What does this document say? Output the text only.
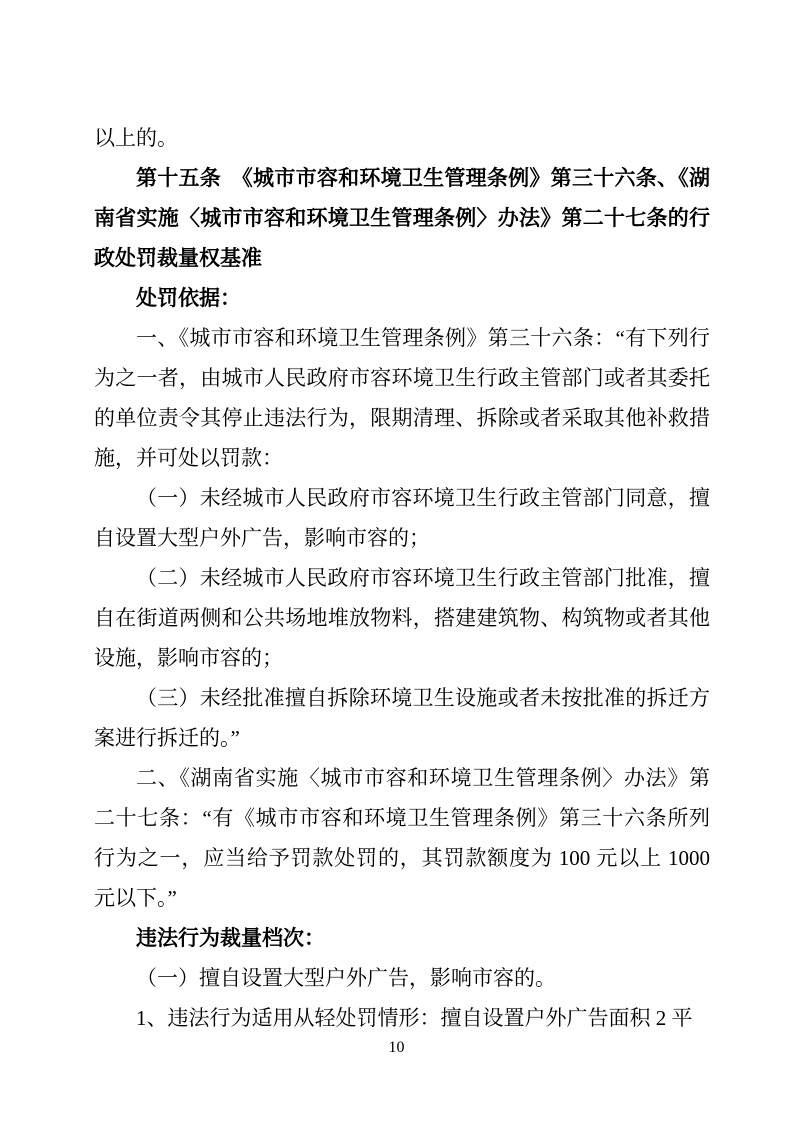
以上的。

第十五条　《城市市容和环境卫生管理条例》第三十六条、《湖南省实施〈城市市容和环境卫生管理条例〉办法》第二十七条的行政处罚裁量权基准

处罚依据：

一、《城市市容和环境卫生管理条例》第三十六条：“有下列行为之一者，由城市人民政府市容环境卫生行政主管部门或者其委托的单位责令其停止违法行为，限期清理、拆除或者采取其他补救措施，并可处以罚款：

（一）未经城市人民政府市容环境卫生行政主管部门同意，擅自设置大型户外广告，影响市容的；

（二）未经城市人民政府市容环境卫生行政主管部门批准，擅自在街道两侧和公共场地堆放物料，搭建建筑物、构筑物或者其他设施，影响市容的；

（三）未经批准擅自拆除环境卫生设施或者未按批准的拆迁方案进行拆迁的。”

二、《湖南省实施〈城市市容和环境卫生管理条例〉办法》第二十七条：“有《城市市容和环境卫生管理条例》第三十六条所列行为之一，应当给予罚款处罚的，其罚款额度为 100 元以上 1000 元以下。”

违法行为裁量档次：

（一）擅自设置大型户外广告，影响市容的。

1、违法行为适用从轻处罚情形：擅自设置户外广告面积 2 平

10
